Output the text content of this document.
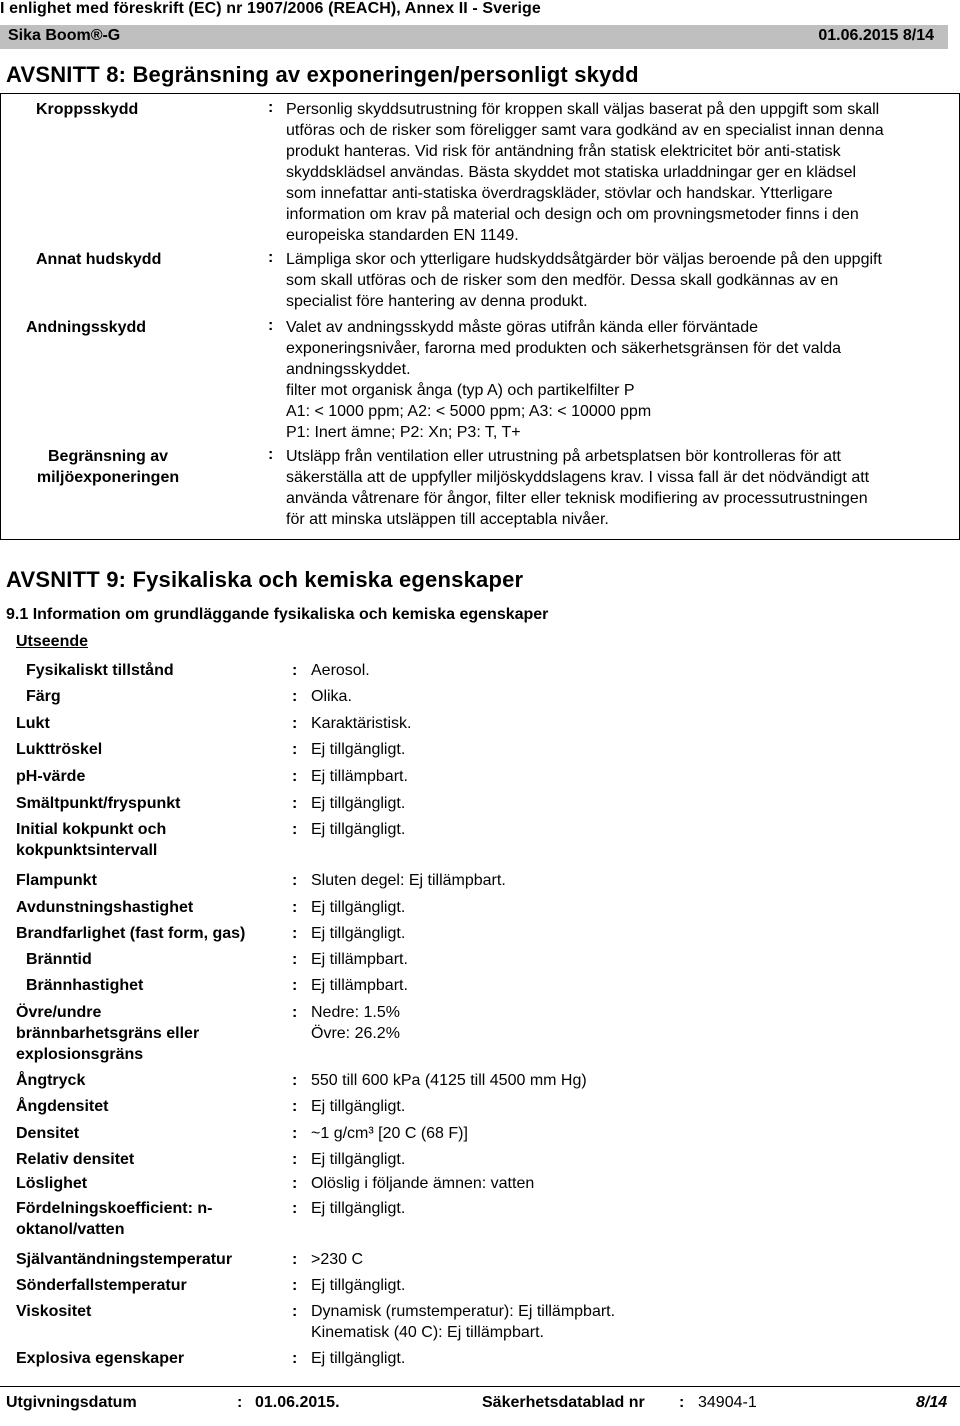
I enlighet med föreskrift (EC) nr 1907/2006 (REACH), Annex II - Sverige
Sika Boom®-G	01.06.2015 8/14
AVSNITT 8: Begränsning av exponeringen/personligt skydd
Kroppsskydd	: Personlig skyddsutrustning för kroppen skall väljas baserat på den uppgift som skall
utföras och de risker som föreligger samt vara godkänd av en specialist innan denna
produkt hanteras. Vid risk för antändning från statisk elektricitet bör anti-statisk
skyddsklädsel användas. Bästa skyddet mot statiska urladdningar ger en klädsel
som innefattar anti-statiska överdragskläder, stövlar och handskar. Ytterligare
information om krav på material och design och om provningsmetoder finns i den
europeiska standarden EN 1149.
Annat hudskydd	: Lämpliga skor och ytterligare hudskyddsåtgärder bör väljas beroende på den uppgift
som skall utföras och de risker som den medför. Dessa skall godkännas av en
specialist före hantering av denna produkt.
Andningsskydd	: Valet av andningsskydd måste göras utifrån kända eller förväntade
exponeringsnivåer, farorna med produkten och säkerhetsgränsen för det valda
andningsskyddet.
filter mot organisk ånga (typ A) och partikelfilter P
A1: < 1000 ppm; A2: < 5000 ppm; A3: < 10000 ppm
P1: Inert ämne; P2: Xn; P3: T, T+
Begränsning av
miljöexponeringen
: Utsläpp från ventilation eller utrustning på arbetsplatsen bör kontrolleras för att
säkerställa att de uppfyller miljöskyddslagens krav. I vissa fall är det nödvändigt att
använda våtrenare för ångor, filter eller teknisk modifiering av processutrustningen
för att minska utsläppen till acceptabla nivåer.
AVSNITT 9: Fysikaliska och kemiska egenskaper
9.1 Information om grundläggande fysikaliska och kemiska egenskaper
Utseende
Fysikaliskt tillstånd	: Aerosol.
Färg	: Olika.
Lukt	: Karaktäristisk.
Lukttröskel	: Ej tillgängligt.
pH-värde	: Ej tillämpbart.
Smältpunkt/fryspunkt	: Ej tillgängligt.
Initial kokpunkt och
kokpunktsintervall
: Ej tillgängligt.
Flampunkt	: Sluten degel: Ej tillämpbart.
Avdunstningshastighet	: Ej tillgängligt.
Brandfarlighet (fast form, gas)	: Ej tillgängligt.
Bränntid	: Ej tillämpbart.
Brännhastighet	: Ej tillämpbart.
Övre/undre
brännbarhetsgräns eller
explosionsgräns
: Nedre: 1.5%
Övre: 26.2%
Ångtryck	: 550 till 600 kPa (4125 till 4500 mm Hg)
Ångdensitet	: Ej tillgängligt.
Densitet	: ~1 g/cm³ [20 C (68 F)]
Relativ densitet	: Ej tillgängligt.
Löslighet	: Olöslig i följande ämnen: vatten
Fördelningskoefficient: n-
oktanol/vatten
: Ej tillgängligt.
Självantändningstemperatur	: >230 C
Sönderfallstemperatur	: Ej tillgängligt.
Viskositet	: Dynamisk (rumstemperatur): Ej tillämpbart.
Kinematisk (40 C): Ej tillämpbart.
Explosiva egenskaper	: Ej tillgängligt.
Utgivningsdatum	: 01.06.2015.	Säkerhetsdatablad nr : 34904-1	8/14
